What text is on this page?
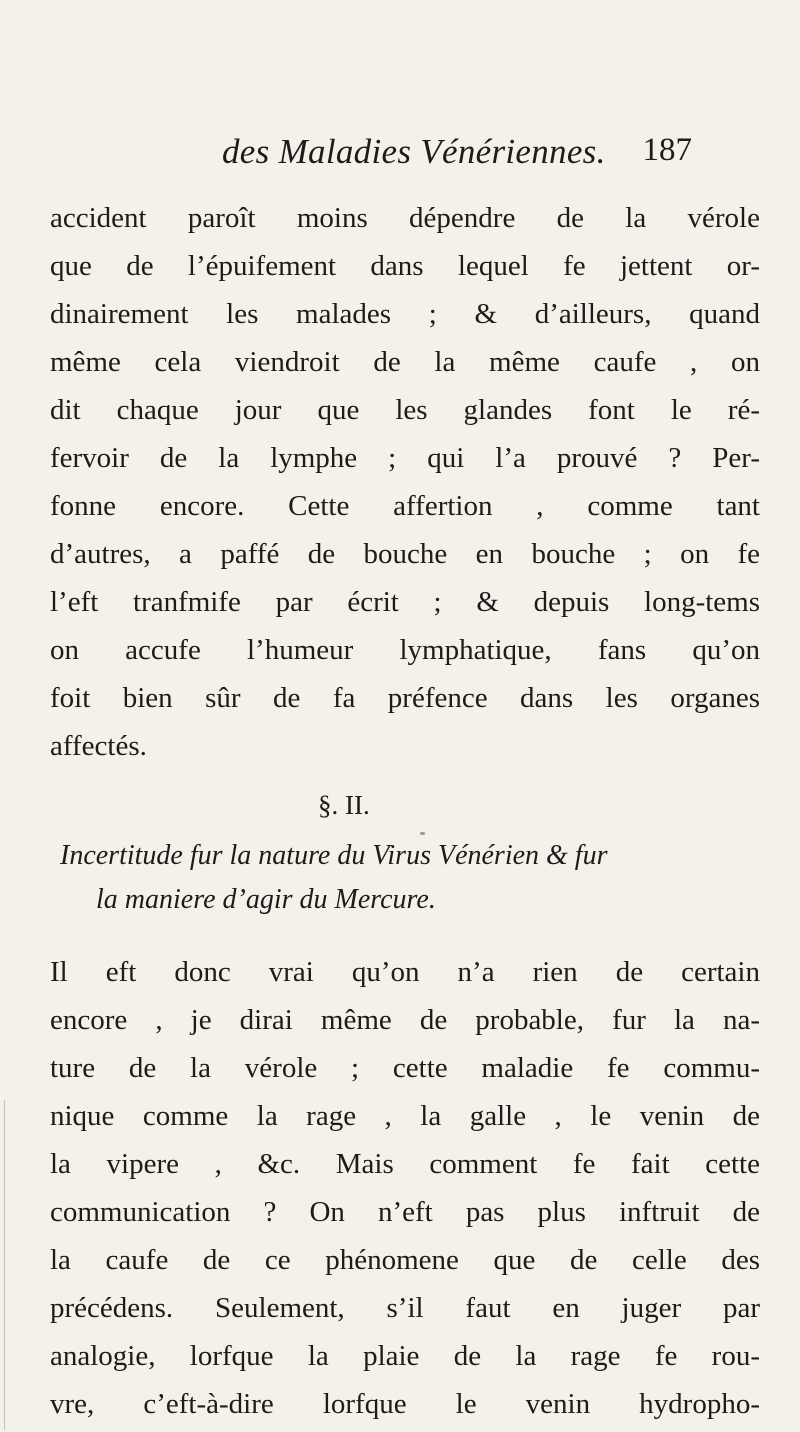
des Maladies Vénériennes. 187
accident paroît moins dépendre de la vérole
que de l’épuifement dans lequel fe jettent or-
dinairement les malades ; & d’ailleurs, quand
même cela viendroit de la même caufe , on
dit chaque jour que les glandes font le ré-
fervoir de la lymphe ; qui l’a prouvé ? Per-
fonne encore. Cette affertion , comme tant
d’autres, a paffé de bouche en bouche ; on fe
l’eft tranfmife par écrit ; & depuis long-tems
on accufe l’humeur lymphatique, fans qu’on
foit bien sûr de fa préfence dans les organes
affectés.
§. II.
Incertitude fur la nature du Virus Vénérien & fur
la maniere d’agir du Mercure.
Il eft donc vrai qu’on n’a rien de certain
encore , je dirai même de probable, fur la na-
ture de la vérole ; cette maladie fe commu-
nique comme la rage , la galle , le venin de
la vipere , &c. Mais comment fe fait cette
communication ? On n’eft pas plus inftruit de
la caufe de ce phénomene que de celle des
précédens. Seulement, s’il faut en juger par
analogie, lorfque la plaie de la rage fe rou-
vre, c’eft-à-dire lorfque le venin hydropho-
